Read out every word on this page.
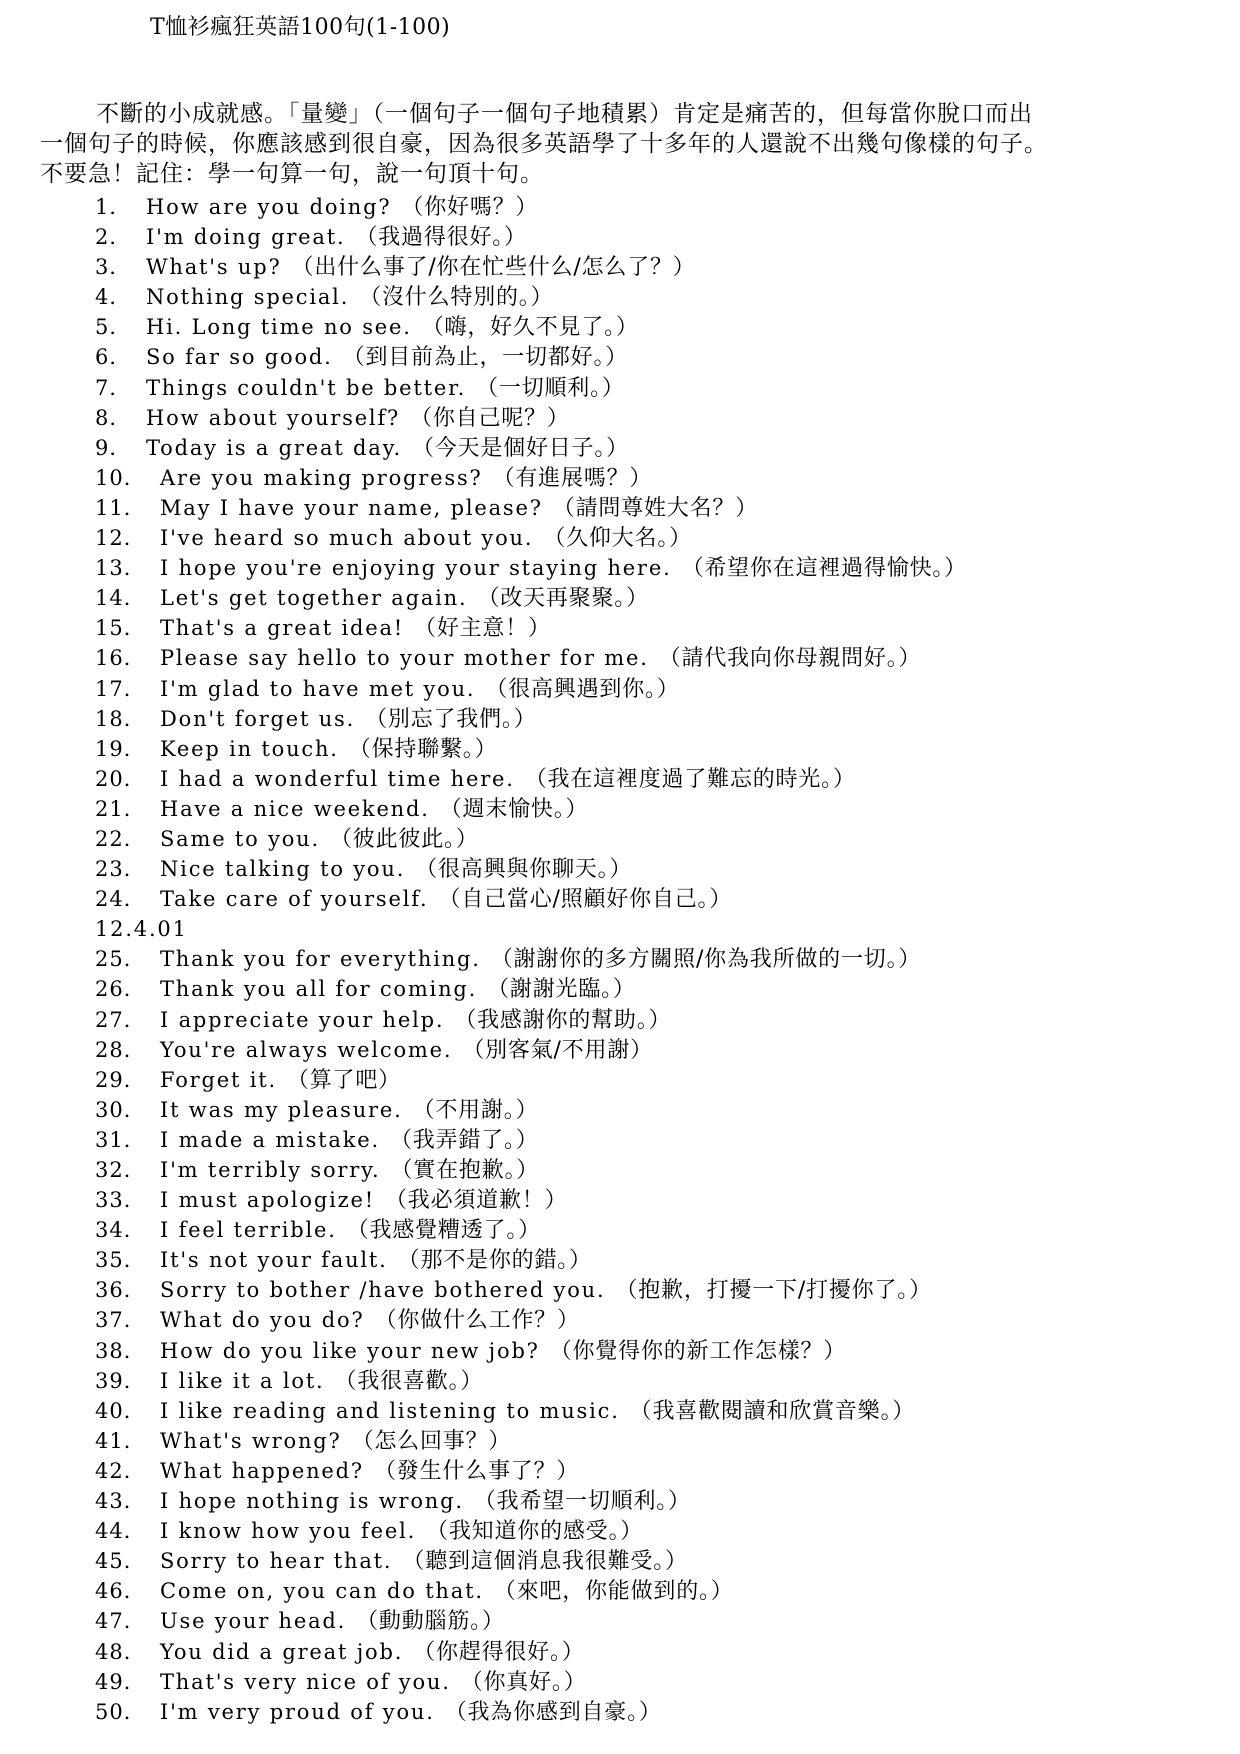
T恤衫瘋狂英語100句(1-100)
不斷的小成就感。「量變」（一個句子一個句子地積累）肯定是痛苦的，但每當你脫口而出
一個句子的時候，你應該感到很自豪，因為很多英語學了十多年的人還說不出幾句像樣的句子。
不要急！記住：學一句算一句，說一句頂十句。
1． How are you doing? （你好嗎？）
2． I'm doing great. （我過得很好。）
3． What's up? （出什么事了/你在忙些什么/怎么了？）
4． Nothing special. （沒什么特別的。）
5． Hi. Long time no see. （嗨，好久不見了。）
6． So far so good. （到目前為止，一切都好。）
7． Things couldn't be better. （一切順利。）
8． How about yourself? （你自己呢？）
9． Today is a great day. （今天是個好日子。）
10． Are you making progress? （有進展嗎？）
11． May I have your name, please? （請問尊姓大名？）
12． I've heard so much about you. （久仰大名。）
13． I hope you're enjoying your staying here. （希望你在這裡過得愉快。）
14． Let's get together again. （改天再聚聚。）
15． That's a great idea! （好主意！）
16． Please say hello to your mother for me. （請代我向你母親問好。）
17． I'm glad to have met you. （很高興遇到你。）
18． Don't forget us. （別忘了我們。）
19． Keep in touch. （保持聯繫。）
20． I had a wonderful time here. （我在這裡度過了難忘的時光。）
21． Have a nice weekend. （週末愉快。）
22． Same to you. （彼此彼此。）
23． Nice talking to you. （很高興與你聊天。）
24． Take care of yourself. （自己當心/照顧好你自己。）
12.4.01
25． Thank you for everything. （謝謝你的多方關照/你為我所做的一切。）
26． Thank you all for coming. （謝謝光臨。）
27． I appreciate your help. （我感謝你的幫助。）
28． You're always welcome. （別客氣/不用謝）
29． Forget it. （算了吧）
30． It was my pleasure. （不用謝。）
31． I made a mistake. （我弄錯了。）
32． I'm terribly sorry. （實在抱歉。）
33． I must apologize! （我必須道歉！）
34． I feel terrible. （我感覺糟透了。）
35． It's not your fault. （那不是你的錯。）
36． Sorry to bother /have bothered you. （抱歉，打擾一下/打擾你了。）
37． What do you do? （你做什么工作？）
38． How do you like your new job? （你覺得你的新工作怎樣？）
39． I like it a lot. （我很喜歡。）
40． I like reading and listening to music. （我喜歡閱讀和欣賞音樂。）
41． What's wrong? （怎么回事？）
42． What happened? （發生什么事了？）
43． I hope nothing is wrong. （我希望一切順利。）
44． I know how you feel. （我知道你的感受。）
45． Sorry to hear that. （聽到這個消息我很難受。）
46． Come on, you can do that. （來吧，你能做到的。）
47． Use your head. （動動腦筋。）
48． You did a great job. （你趕得很好。）
49． That's very nice of you. （你真好。）
50． I'm very proud of you. （我為你感到自豪。）
